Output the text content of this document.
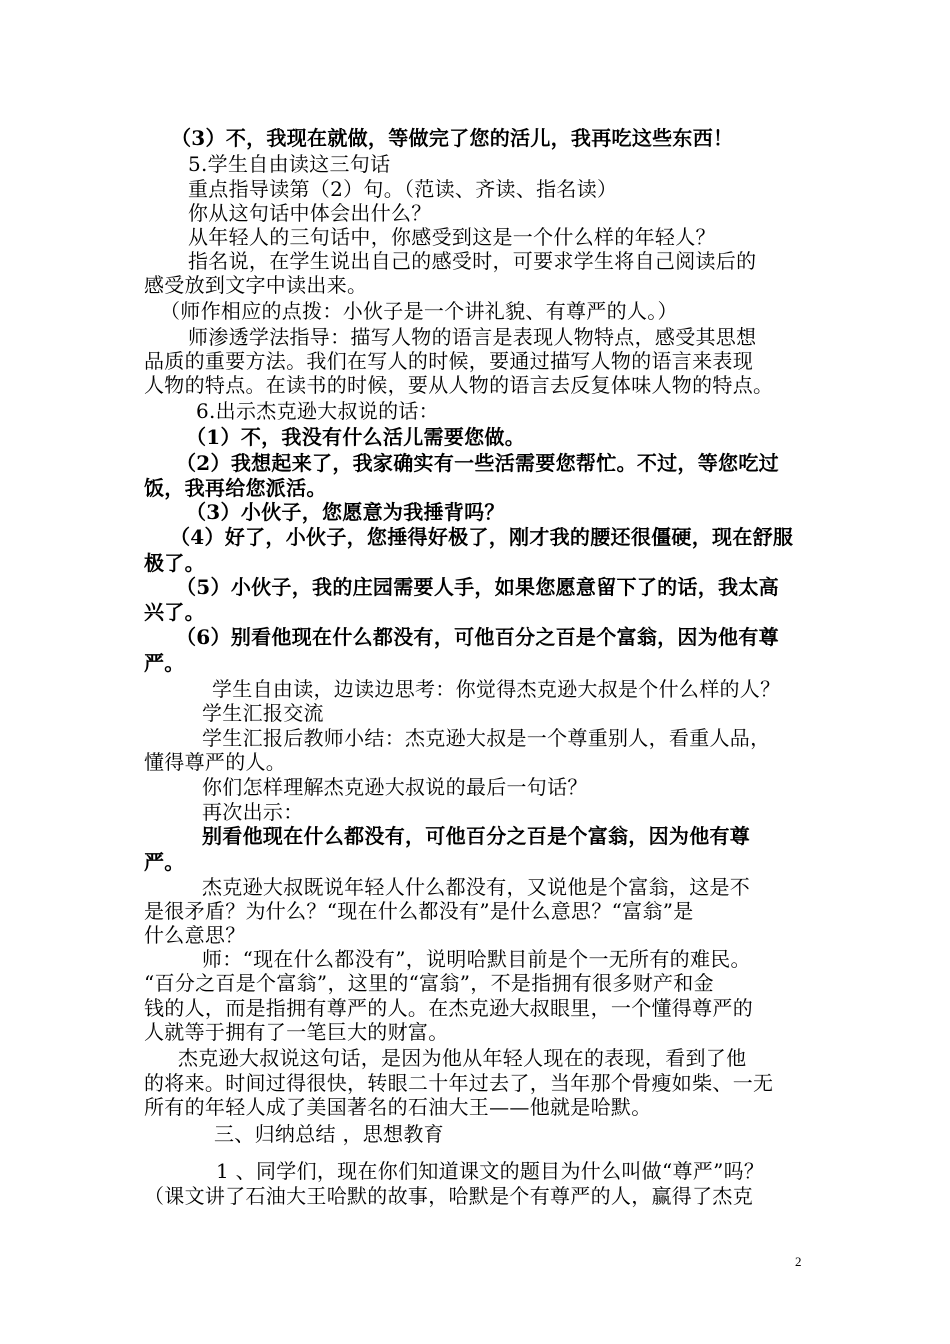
（3）不，我现在就做，等做完了您的活儿，我再吃这些东西！
5.学生自由读这三句话
重点指导读第（2）句。（范读、齐读、指名读）
你从这句话中体会出什么？
从年轻人的三句话中，你感受到这是一个什么样的年轻人？
指名说，在学生说出自己的感受时，可要求学生将自己阅读后的
感受放到文字中读出来。
（师作相应的点拨：小伙子是一个讲礼貌、有尊严的人。）
师渗透学法指导：描写人物的语言是表现人物特点，感受其思想
品质的重要方法。我们在写人的时候，要通过描写人物的语言来表现
人物的特点。在读书的时候，要从人物的语言去反复体味人物的特点。
6.出示杰克逊大叔说的话：
（1）不，我没有什么活儿需要您做。
（2）我想起来了，我家确实有一些活需要您帮忙。不过，等您吃过
饭，我再给您派活。
（3）小伙子，您愿意为我捶背吗？
（4）好了，小伙子，您捶得好极了，刚才我的腰还很僵硬，现在舒服
极了。
（5）小伙子，我的庄园需要人手，如果您愿意留下了的话，我太高
兴了。
（6）别看他现在什么都没有，可他百分之百是个富翁，因为他有尊
严。
学生自由读，边读边思考：你觉得杰克逊大叔是个什么样的人？
学生汇报交流
学生汇报后教师小结：杰克逊大叔是一个尊重别人，看重人品，
懂得尊严的人。
你们怎样理解杰克逊大叔说的最后一句话？
再次出示：
别看他现在什么都没有，可他百分之百是个富翁，因为他有尊
严。
杰克逊大叔既说年轻人什么都没有，又说他是个富翁，这是不
是很矛盾？为什么？“现在什么都没有”是什么意思？“富翁”是
什么意思？
师：“现在什么都没有”，说明哈默目前是个一无所有的难民。
“百分之百是个富翁”，这里的“富翁”，不是指拥有很多财产和金
钱的人，而是指拥有尊严的人。在杰克逊大叔眼里，一个懂得尊严的
人就等于拥有了一笔巨大的财富。
杰克逊大叔说这句话，是因为他从年轻人现在的表现，看到了他
的将来。时间过得很快，转眼二十年过去了，当年那个骨瘦如柴、一无
所有的年轻人成了美国著名的石油大王——他就是哈默。
三、归纳总结 ，思想教育
1 、同学们，现在你们知道课文的题目为什么叫做“尊严”吗？
（课文讲了石油大王哈默的故事，哈默是个有尊严的人，赢得了杰克
2
